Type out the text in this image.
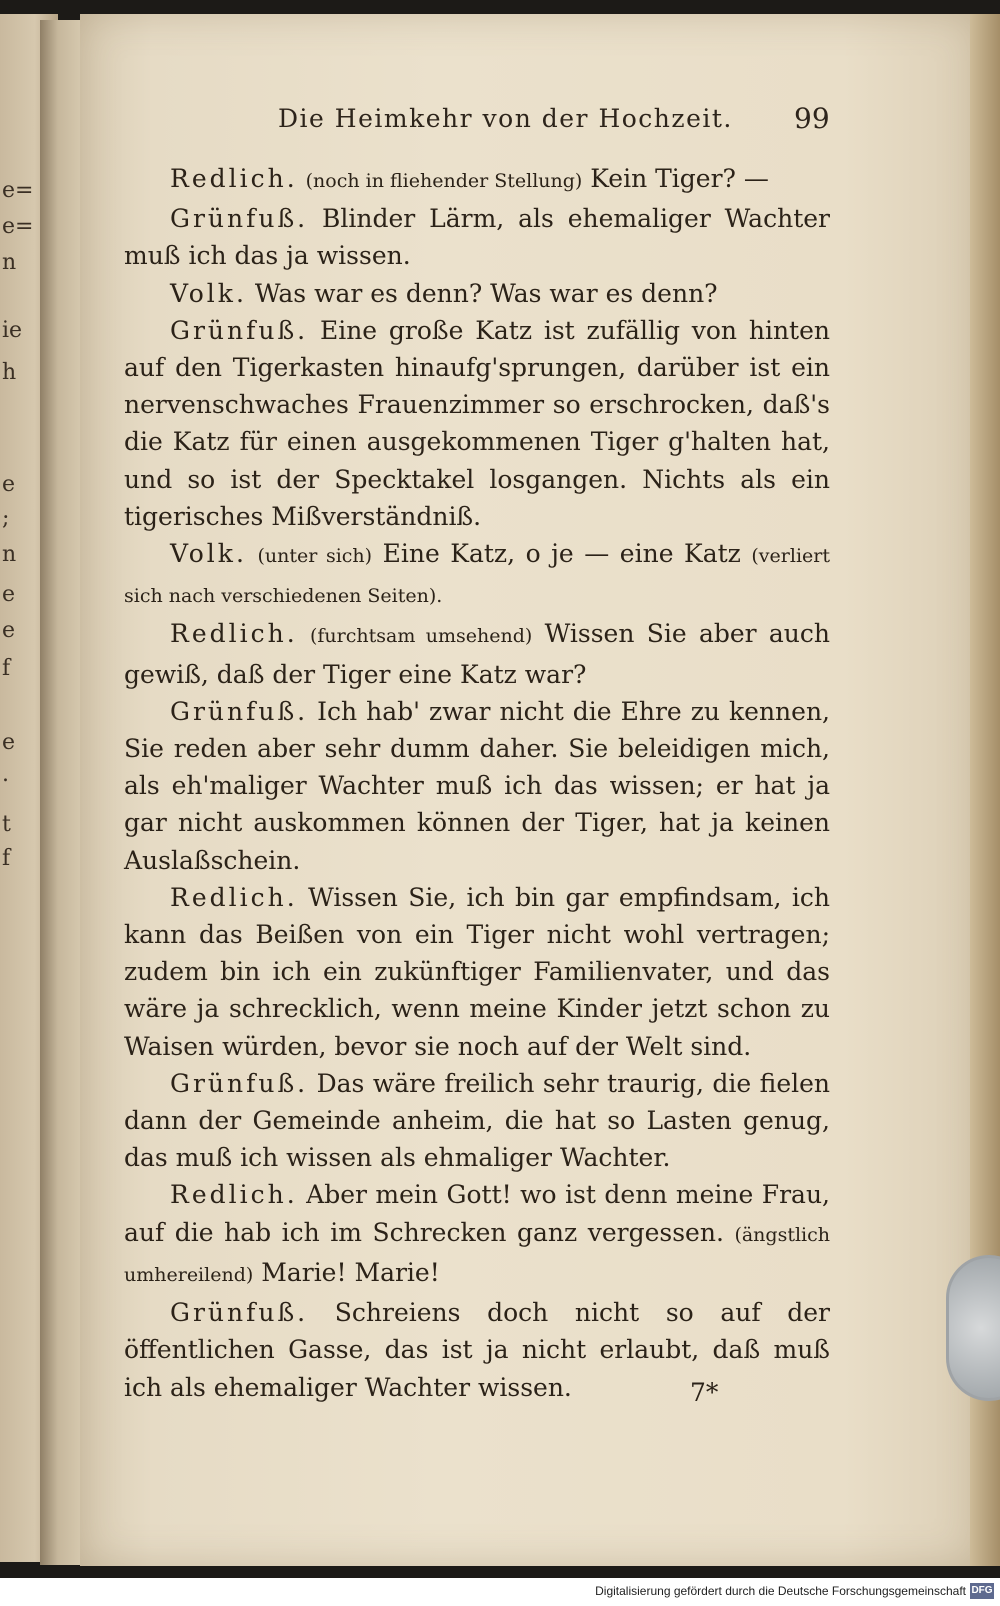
e=
e=
n
ie
h
e
;
n
e
e
f
e
.
t
f
Die Heimkehr von der Hochzeit. 99

Redlich. (noch in fliehender Stellung) Kein Tiger? —

Grünfuß. Blinder Lärm, als ehemaliger Wachter muß ich das ja wissen.

Volk. Was war es denn? Was war es denn?

Grünfuß. Eine große Katz ist zufällig von hinten auf den Tigerkasten hinaufg'sprungen, darüber ist ein nervenschwaches Frauenzimmer so erschrocken, daß's die Katz für einen ausgekommenen Tiger g'halten hat, und so ist der Specktakel losgangen. Nichts als ein tigerisches Mißverständniß.

Volk. (unter sich) Eine Katz, o je — eine Katz (verliert sich nach verschiedenen Seiten).

Redlich. (furchtsam umsehend) Wissen Sie aber auch gewiß, daß der Tiger eine Katz war?

Grünfuß. Ich hab' zwar nicht die Ehre zu kennen, Sie reden aber sehr dumm daher. Sie beleidigen mich, als eh'maliger Wachter muß ich das wissen; er hat ja gar nicht auskommen können der Tiger, hat ja keinen Auslaßschein.

Redlich. Wissen Sie, ich bin gar empfindsam, ich kann das Beißen von ein Tiger nicht wohl vertragen; zudem bin ich ein zukünftiger Familienvater, und das wäre ja schrecklich, wenn meine Kinder jetzt schon zu Waisen würden, bevor sie noch auf der Welt sind.

Grünfuß. Das wäre freilich sehr traurig, die fielen dann der Gemeinde anheim, die hat so Lasten genug, das muß ich wissen als ehmaliger Wachter.

Redlich. Aber mein Gott! wo ist denn meine Frau, auf die hab ich im Schrecken ganz vergessen. (ängstlich umhereilend) Marie! Marie!

Grünfuß. Schreiens doch nicht so auf der öffentlichen Gasse, das ist ja nicht erlaubt, daß muß ich als ehemaliger Wachter wissen.	7*
Digitalisierung gefördert durch die Deutsche Forschungsgemeinschaft DFG
